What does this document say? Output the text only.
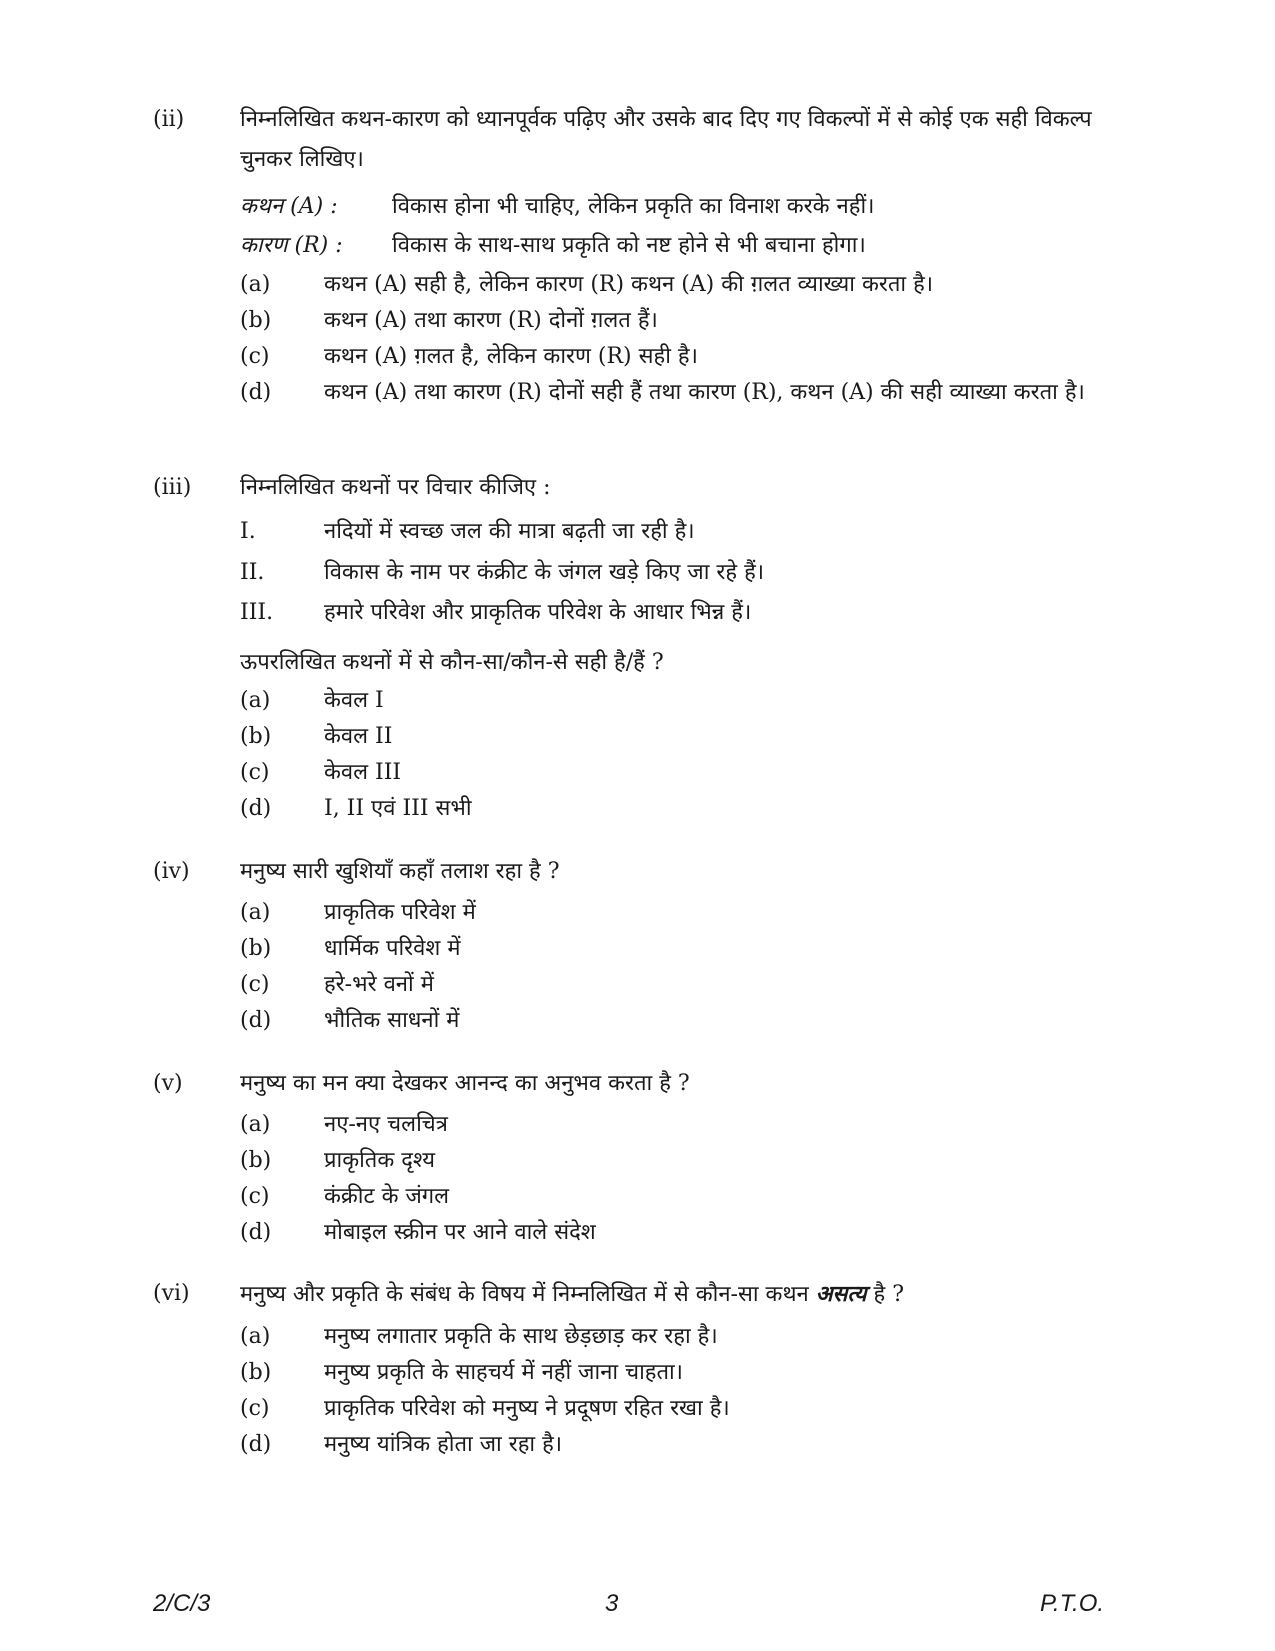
(ii)	निम्नलिखित कथन-कारण को ध्यानपूर्वक पढ़िए और उसके बाद दिए गए विकल्पों में से कोई एक सही विकल्प चुनकर लिखिए।
कथन (A) : विकास होना भी चाहिए, लेकिन प्रकृति का विनाश करके नहीं।
कारण (R) : विकास के साथ-साथ प्रकृति को नष्ट होने से भी बचाना होगा।
(a) कथन (A) सही है, लेकिन कारण (R) कथन (A) की ग़लत व्याख्या करता है।
(b) कथन (A) तथा कारण (R) दोनों ग़लत हैं।
(c) कथन (A) ग़लत है, लेकिन कारण (R) सही है।
(d) कथन (A) तथा कारण (R) दोनों सही हैं तथा कारण (R), कथन (A) की सही व्याख्या करता है।
(iii) निम्नलिखित कथनों पर विचार कीजिए :
I.	नदियों में स्वच्छ जल की मात्रा बढ़ती जा रही है।
II.	विकास के नाम पर कंक्रीट के जंगल खड़े किए जा रहे हैं।
III. हमारे परिवेश और प्राकृतिक परिवेश के आधार भिन्न हैं।
ऊपरलिखित कथनों में से कौन-सा/कौन-से सही है/हैं ?
(a) केवल I
(b) केवल II
(c) केवल III
(d) I, II एवं III सभी
(iv) मनुष्य सारी खुशियाँ कहाँ तलाश रहा है ?
(a) प्राकृतिक परिवेश में
(b) धार्मिक परिवेश में
(c) हरे-भरे वनों में
(d) भौतिक साधनों में
(v)	मनुष्य का मन क्या देखकर आनन्द का अनुभव करता है ?
(a) नए-नए चलचित्र
(b) प्राकृतिक दृश्य
(c) कंक्रीट के जंगल
(d) मोबाइल स्क्रीन पर आने वाले संदेश
(vi) मनुष्य और प्रकृति के संबंध के विषय में निम्नलिखित में से कौन-सा कथन असत्य है ?
(a) मनुष्य लगातार प्रकृति के साथ छेड़छाड़ कर रहा है।
(b) मनुष्य प्रकृति के साहचर्य में नहीं जाना चाहता।
(c) प्राकृतिक परिवेश को मनुष्य ने प्रदूषण रहित रखा है।
(d) मनुष्य यांत्रिक होता जा रहा है।
2/C/3	3	P.T.O.
